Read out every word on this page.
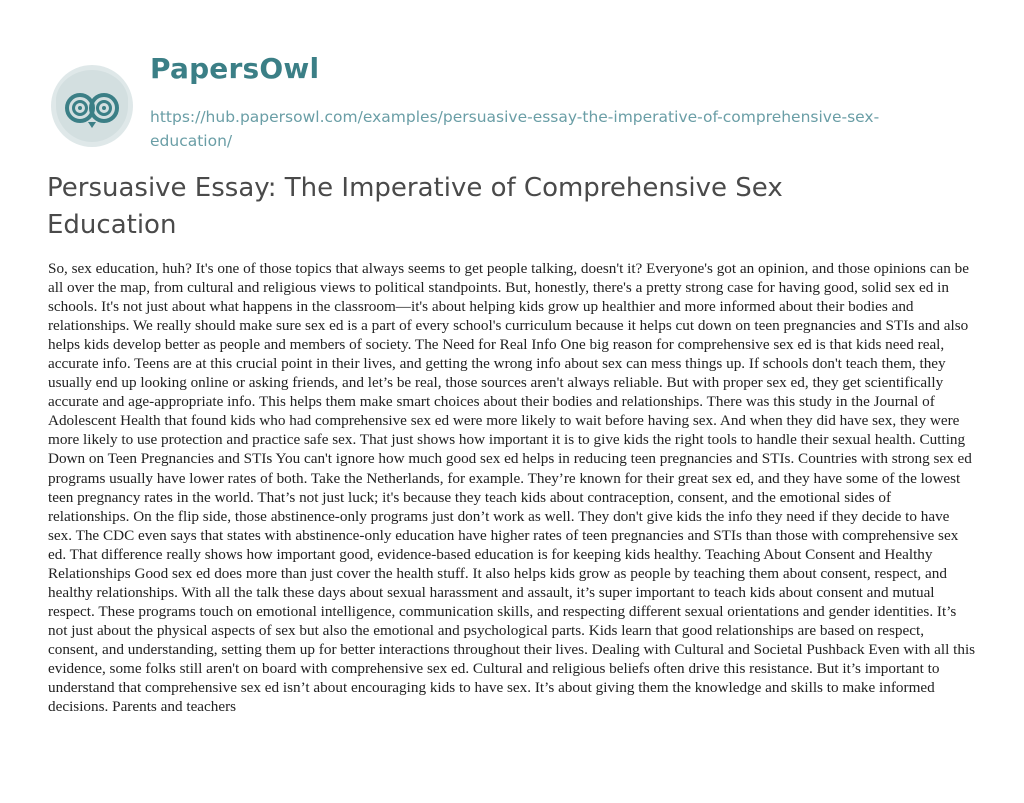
PapersOwl
https://hub.papersowl.com/examples/persuasive-essay-the-imperative-of-comprehensive-sex-education/
Persuasive Essay: The Imperative of Comprehensive Sex Education

So, sex education, huh? It's one of those topics that always seems to get people talking, doesn't it? Everyone's got an opinion, and those opinions can be all over the map, from cultural and religious views to political standpoints. But, honestly, there's a pretty strong case for having good, solid sex ed in schools. It's not just about what happens in the classroom—it's about helping kids grow up healthier and more informed about their bodies and relationships. We really should make sure sex ed is a part of every school's curriculum because it helps cut down on teen pregnancies and STIs and also helps kids develop better as people and members of society. The Need for Real Info One big reason for comprehensive sex ed is that kids need real, accurate info. Teens are at this crucial point in their lives, and getting the wrong info about sex can mess things up. If schools don't teach them, they usually end up looking online or asking friends, and let’s be real, those sources aren't always reliable. But with proper sex ed, they get scientifically accurate and age-appropriate info. This helps them make smart choices about their bodies and relationships. There was this study in the Journal of Adolescent Health that found kids who had comprehensive sex ed were more likely to wait before having sex. And when they did have sex, they were more likely to use protection and practice safe sex. That just shows how important it is to give kids the right tools to handle their sexual health. Cutting Down on Teen Pregnancies and STIs You can't ignore how much good sex ed helps in reducing teen pregnancies and STIs. Countries with strong sex ed programs usually have lower rates of both. Take the Netherlands, for example. They’re known for their great sex ed, and they have some of the lowest teen pregnancy rates in the world. That’s not just luck; it's because they teach kids about contraception, consent, and the emotional sides of relationships. On the flip side, those abstinence-only programs just don’t work as well. They don't give kids the info they need if they decide to have sex. The CDC even says that states with abstinence-only education have higher rates of teen pregnancies and STIs than those with comprehensive sex ed. That difference really shows how important good, evidence-based education is for keeping kids healthy. Teaching About Consent and Healthy Relationships Good sex ed does more than just cover the health stuff. It also helps kids grow as people by teaching them about consent, respect, and healthy relationships. With all the talk these days about sexual harassment and assault, it’s super important to teach kids about consent and mutual respect. These programs touch on emotional intelligence, communication skills, and respecting different sexual orientations and gender identities. It’s not just about the physical aspects of sex but also the emotional and psychological parts. Kids learn that good relationships are based on respect, consent, and understanding, setting them up for better interactions throughout their lives. Dealing with Cultural and Societal Pushback Even with all this evidence, some folks still aren't on board with comprehensive sex ed. Cultural and religious beliefs often drive this resistance. But it’s important to understand that comprehensive sex ed isn’t about encouraging kids to have sex. It’s about giving them the knowledge and skills to make informed decisions. Parents and teachers
